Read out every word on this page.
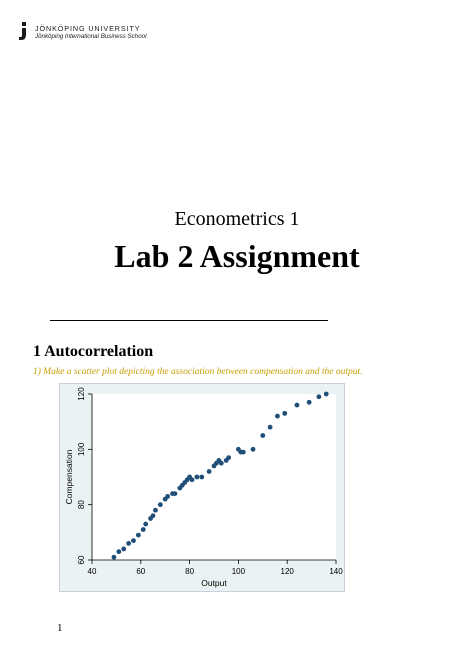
JÖNKÖPING UNIVERSITY
Jönköping International Business School
Econometrics 1
Lab 2 Assignment
1 Autocorrelation
1) Make a scatter plot depicting the association between compensation and the output.
40	60	80	100	120	140
60
80
100
120
Output
Compensation
1
